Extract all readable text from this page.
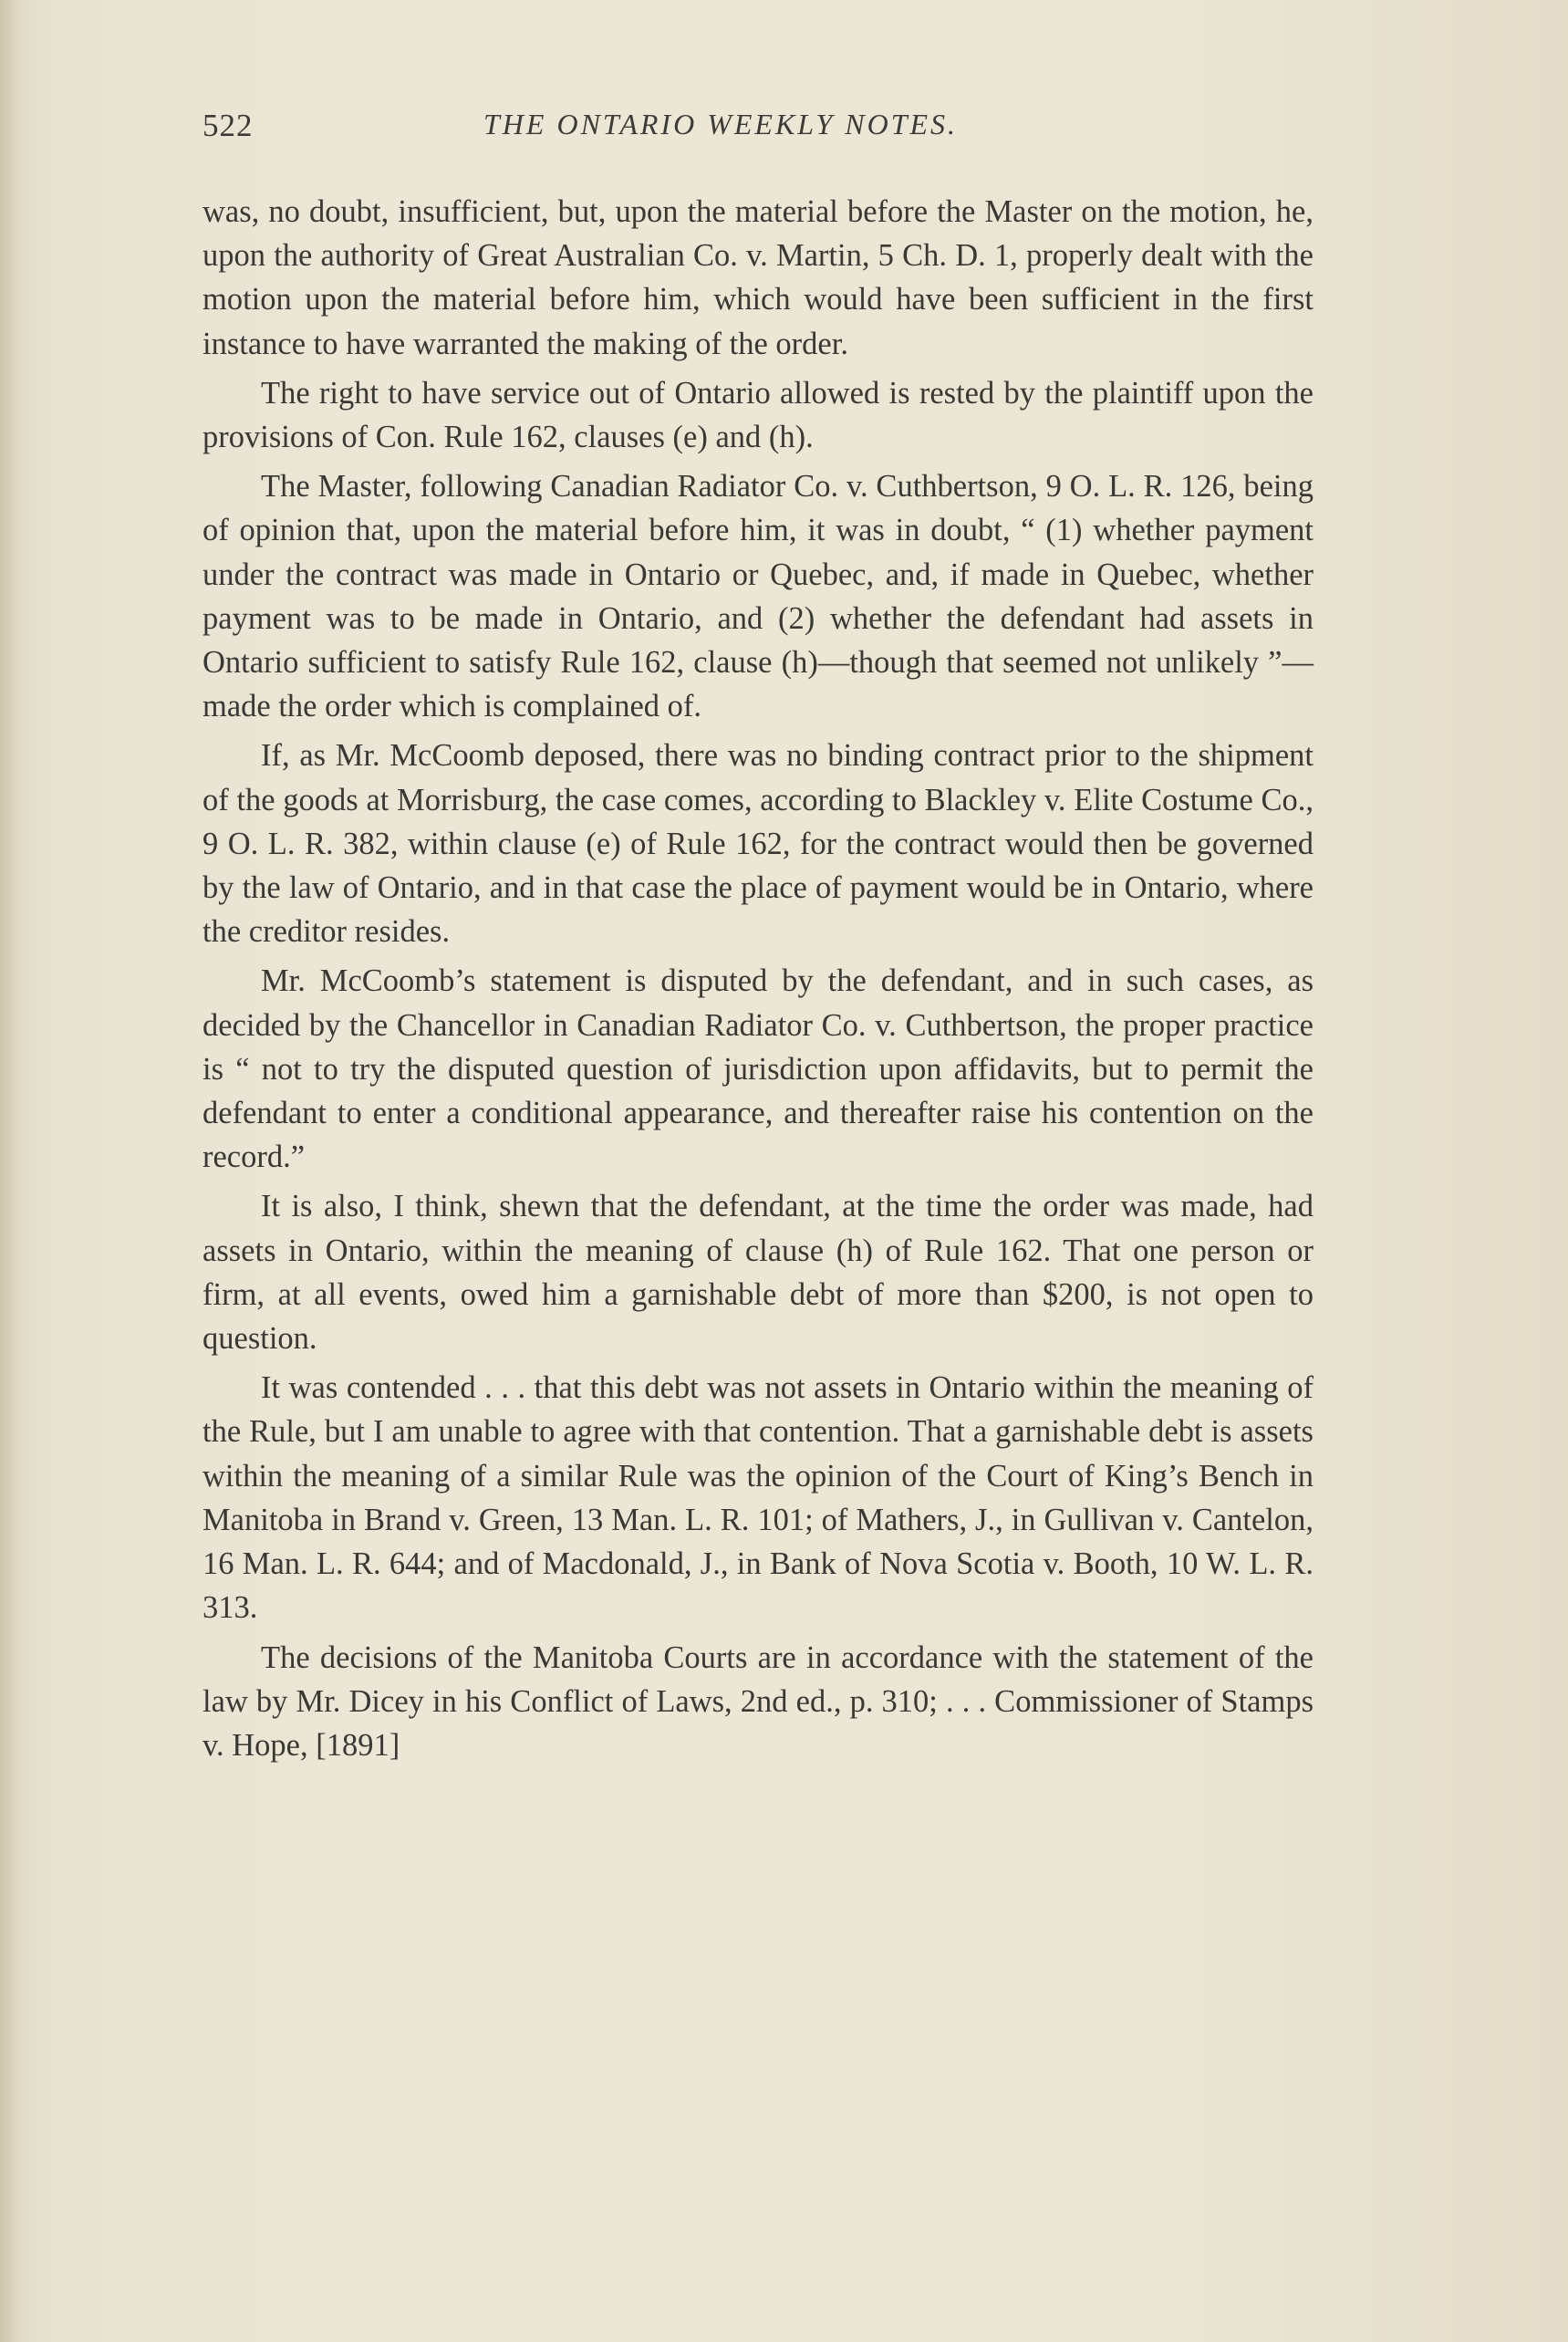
522	THE ONTARIO WEEKLY NOTES.

was, no doubt, insufficient, but, upon the material before the Master on the motion, he, upon the authority of Great Australian Co. v. Martin, 5 Ch. D. 1, properly dealt with the motion upon the material before him, which would have been sufficient in the first instance to have warranted the making of the order.

The right to have service out of Ontario allowed is rested by the plaintiff upon the provisions of Con. Rule 162, clauses (e) and (h).

The Master, following Canadian Radiator Co. v. Cuthbertson, 9 O. L. R. 126, being of opinion that, upon the material before him, it was in doubt, “ (1) whether payment under the contract was made in Ontario or Quebec, and, if made in Quebec, whether payment was to be made in Ontario, and (2) whether the defendant had assets in Ontario sufficient to satisfy Rule 162, clause (h)—though that seemed not unlikely ”—made the order which is complained of.

If, as Mr. McCoomb deposed, there was no binding contract prior to the shipment of the goods at Morrisburg, the case comes, according to Blackley v. Elite Costume Co., 9 O. L. R. 382, within clause (e) of Rule 162, for the contract would then be governed by the law of Ontario, and in that case the place of payment would be in Ontario, where the creditor resides.

Mr. McCoomb’s statement is disputed by the defendant, and in such cases, as decided by the Chancellor in Canadian Radiator Co. v. Cuthbertson, the proper practice is “ not to try the disputed question of jurisdiction upon affidavits, but to permit the defendant to enter a conditional appearance, and thereafter raise his contention on the record.”

It is also, I think, shewn that the defendant, at the time the order was made, had assets in Ontario, within the meaning of clause (h) of Rule 162. That one person or firm, at all events, owed him a garnishable debt of more than $200, is not open to question.

It was contended . . . that this debt was not assets in Ontario within the meaning of the Rule, but I am unable to agree with that contention. That a garnishable debt is assets within the meaning of a similar Rule was the opinion of the Court of King’s Bench in Manitoba in Brand v. Green, 13 Man. L. R. 101; of Mathers, J., in Gullivan v. Cantelon, 16 Man. L. R. 644; and of Macdonald, J., in Bank of Nova Scotia v. Booth, 10 W. L. R. 313.

The decisions of the Manitoba Courts are in accordance with the statement of the law by Mr. Dicey in his Conflict of Laws, 2nd ed., p. 310; . . . Commissioner of Stamps v. Hope, [1891]
